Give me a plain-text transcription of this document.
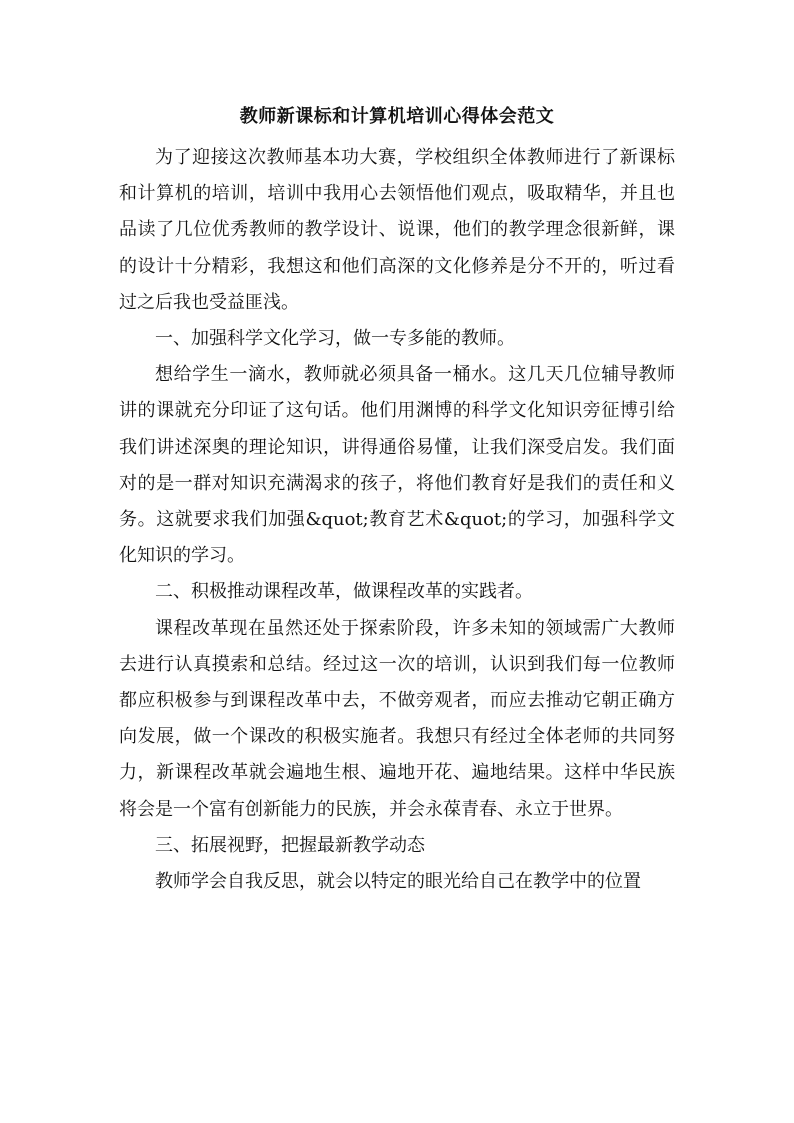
教师新课标和计算机培训心得体会范文

为了迎接这次教师基本功大赛，学校组织全体教师进行了新课标和计算机的培训，培训中我用心去领悟他们观点，吸取精华，并且也品读了几位优秀教师的教学设计、说课，他们的教学理念很新鲜，课的设计十分精彩，我想这和他们高深的文化修养是分不开的，听过看过之后我也受益匪浅。

一、加强科学文化学习，做一专多能的教师。

想给学生一滴水，教师就必须具备一桶水。这几天几位辅导教师讲的课就充分印证了这句话。他们用渊博的科学文化知识旁征博引给我们讲述深奥的理论知识，讲得通俗易懂，让我们深受启发。我们面对的是一群对知识充满渴求的孩子，将他们教育好是我们的责任和义务。这就要求我们加强&quot;教育艺术&quot;的学习，加强科学文化知识的学习。

二、积极推动课程改革，做课程改革的实践者。

课程改革现在虽然还处于探索阶段，许多未知的领域需广大教师去进行认真摸索和总结。经过这一次的培训，认识到我们每一位教师都应积极参与到课程改革中去，不做旁观者，而应去推动它朝正确方向发展，做一个课改的积极实施者。我想只有经过全体老师的共同努力，新课程改革就会遍地生根、遍地开花、遍地结果。这样中华民族将会是一个富有创新能力的民族，并会永葆青春、永立于世界。

三、拓展视野，把握最新教学动态

教师学会自我反思，就会以特定的眼光给自己在教学中的位置
